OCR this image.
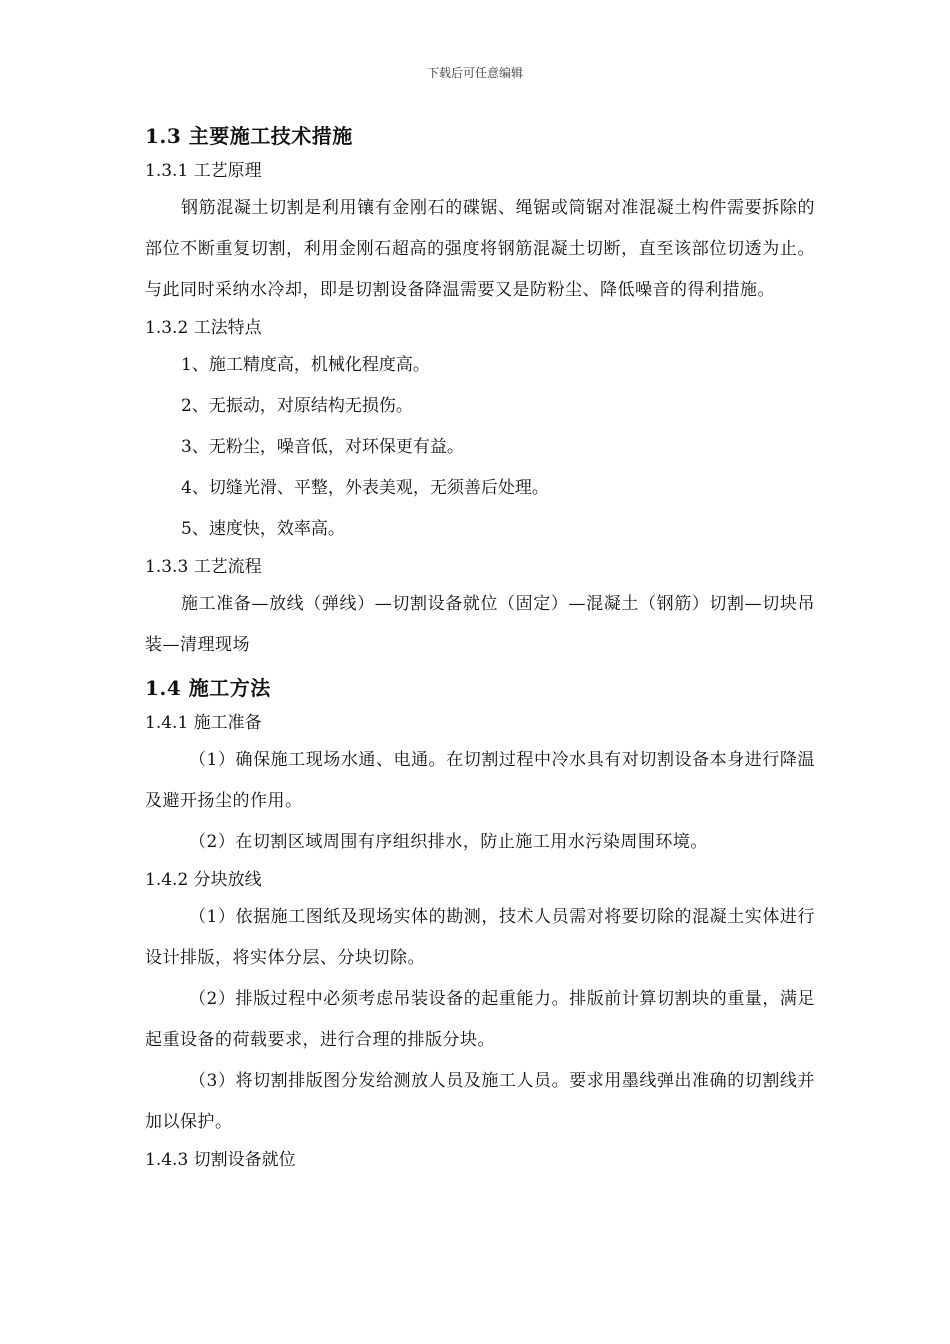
下载后可任意编辑
1.3 主要施工技术措施
1.3.1 工艺原理

钢筋混凝土切割是利用镶有金刚石的碟锯、绳锯或筒锯对准混凝土构件需要拆除的部位不断重复切割，利用金刚石超高的强度将钢筋混凝土切断，直至该部位切透为止。与此同时采纳水冷却，即是切割设备降温需要又是防粉尘、降低噪音的得利措施。

1.3.2 工法特点
1、施工精度高，机械化程度高。
2、无振动，对原结构无损伤。
3、无粉尘，噪音低，对环保更有益。
4、切缝光滑、平整，外表美观，无须善后处理。
5、速度快，效率高。
1.3.3 工艺流程

施工准备—放线（弹线）—切割设备就位（固定）—混凝土（钢筋）切割—切块吊装—清理现场

1.4 施工方法
1.4.1 施工准备

（1）确保施工现场水通、电通。在切割过程中冷水具有对切割设备本身进行降温及避开扬尘的作用。

（2）在切割区域周围有序组织排水，防止施工用水污染周围环境。

1.4.2 分块放线

（1）依据施工图纸及现场实体的勘测，技术人员需对将要切除的混凝土实体进行设计排版，将实体分层、分块切除。

（2）排版过程中必须考虑吊装设备的起重能力。排版前计算切割块的重量，满足起重设备的荷载要求，进行合理的排版分块。

（3）将切割排版图分发给测放人员及施工人员。要求用墨线弹出准确的切割线并加以保护。

1.4.3 切割设备就位
